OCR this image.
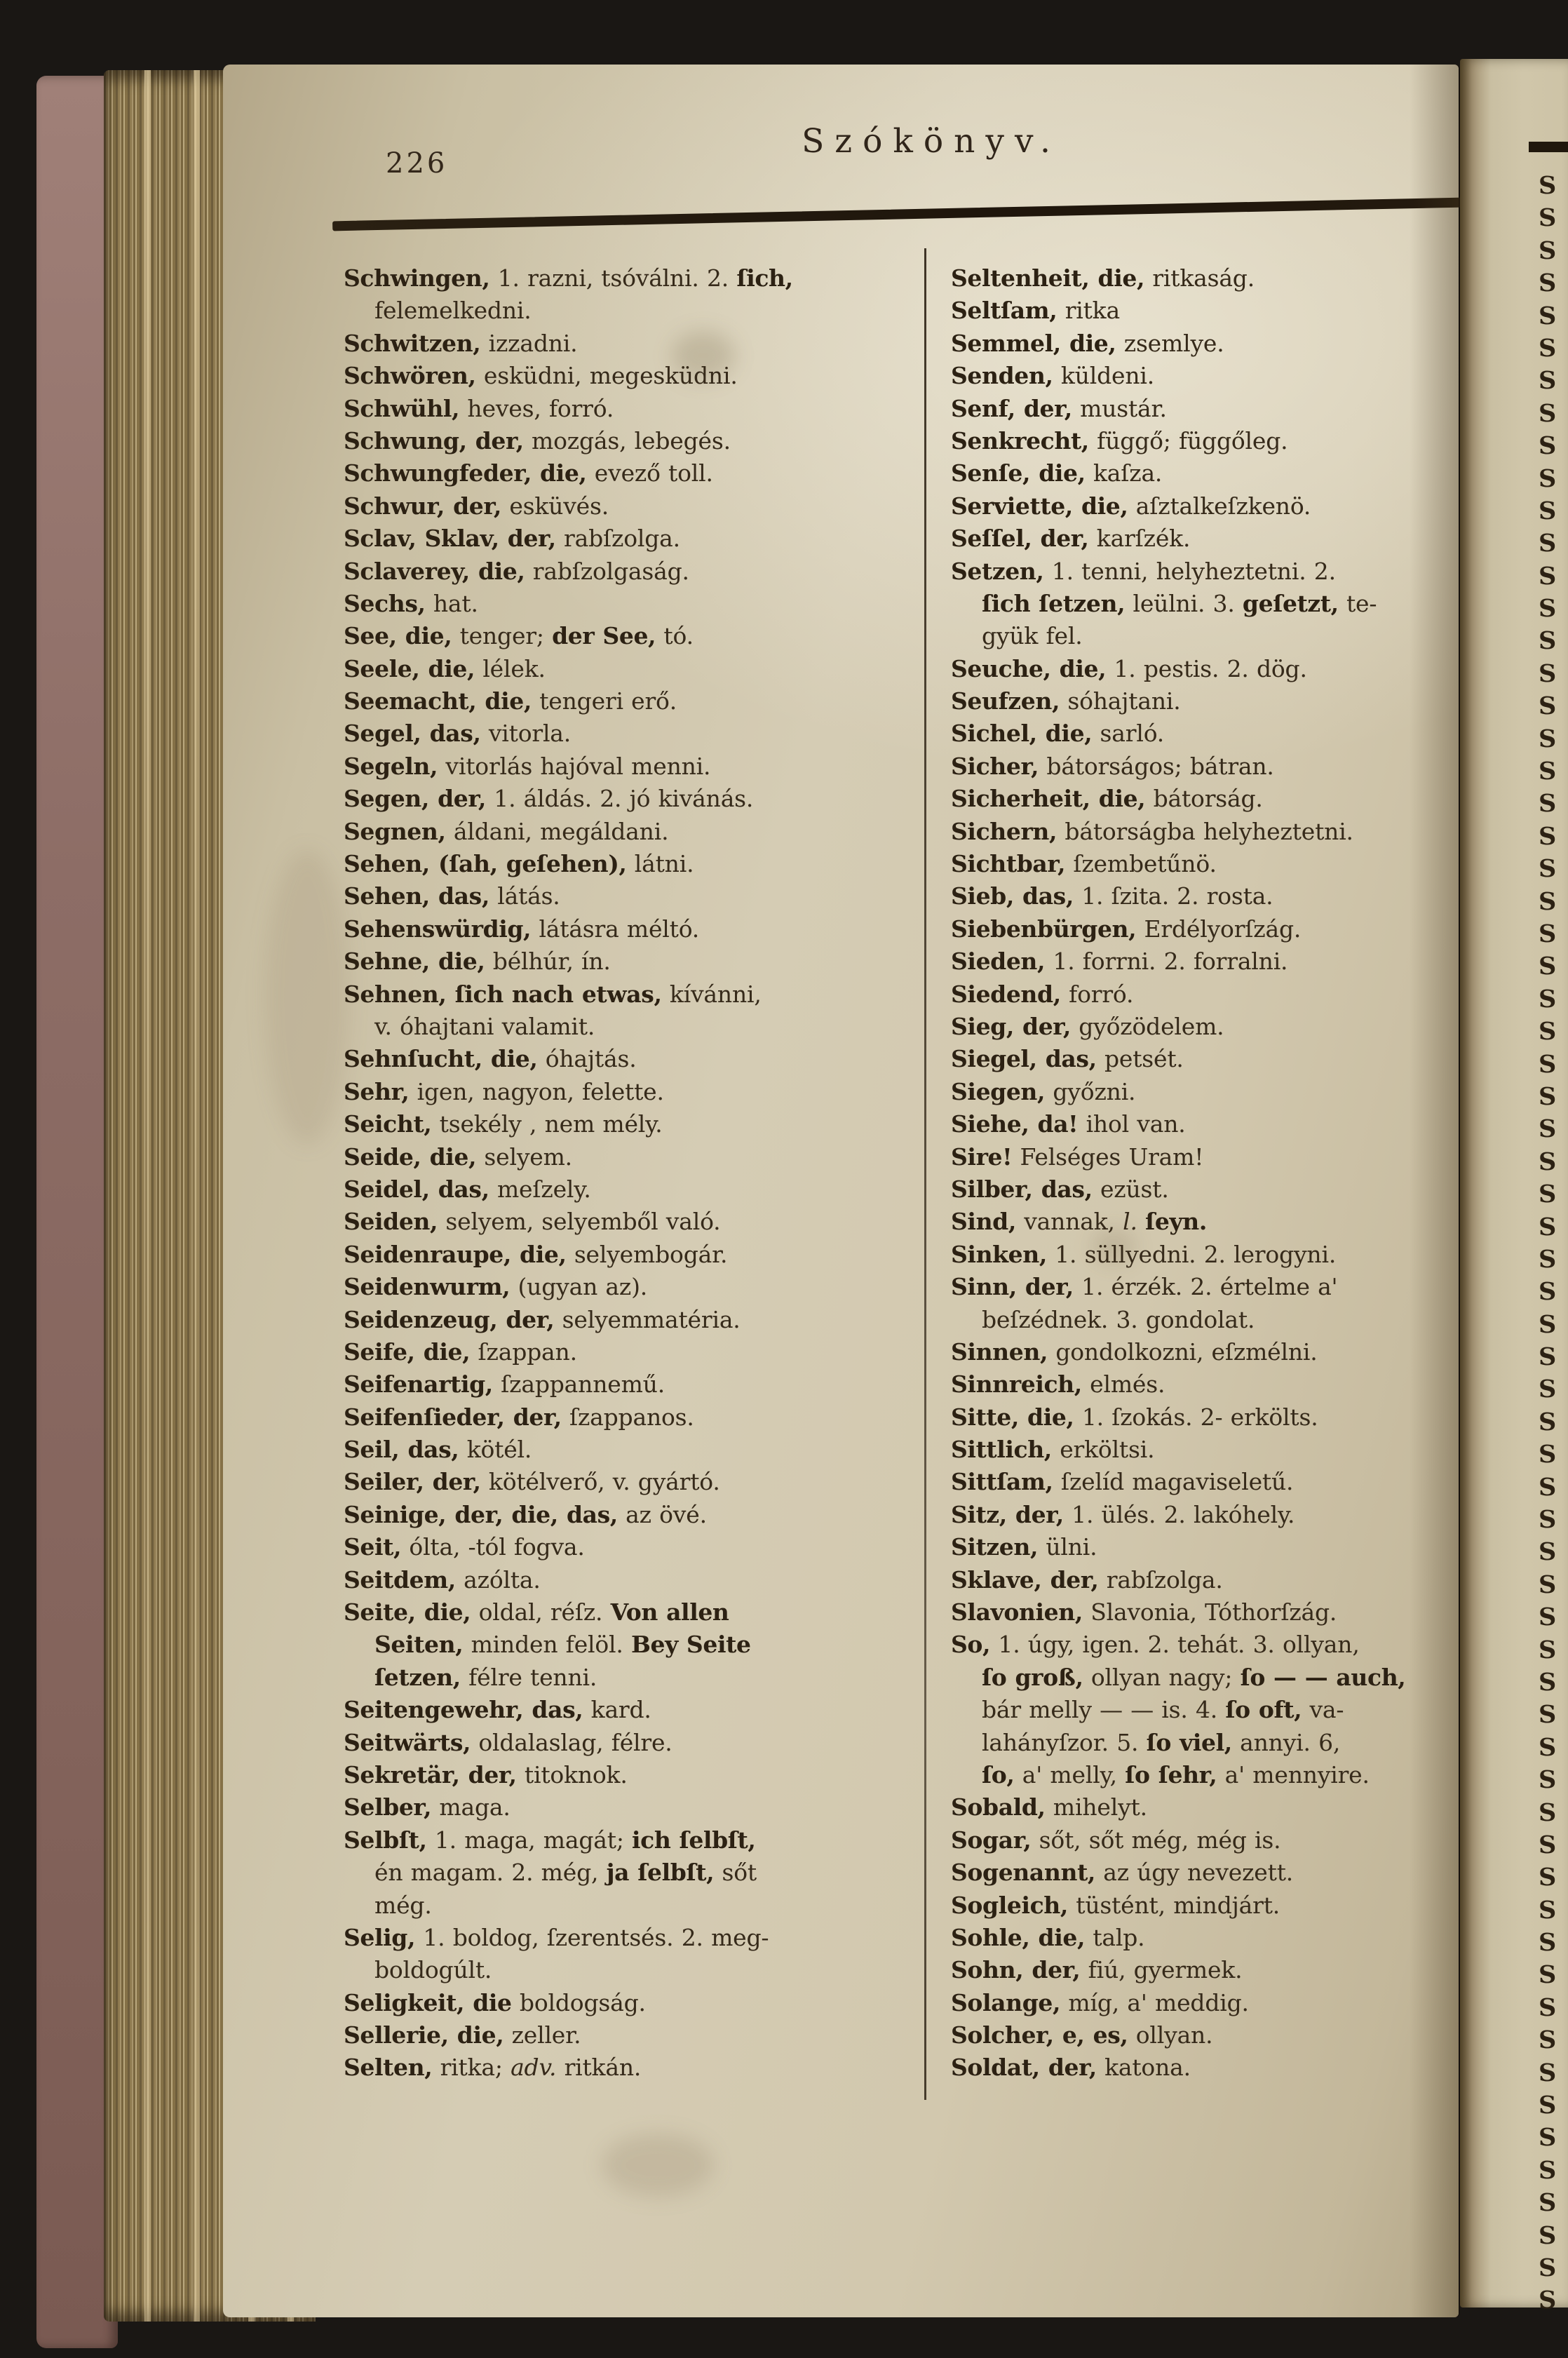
226
Szókönyv.
Schwingen, 1. razni, tsóválni. 2. ſich,
felemelkedni.
Schwitzen, izzadni.
Schwören, esküdni, megesküdni.
Schwühl, heves, forró.
Schwung, der, mozgás, lebegés.
Schwungfeder, die, evező toll.
Schwur, der, esküvés.
Sclav, Sklav, der, rabſzolga.
Sclaverey, die, rabſzolgaság.
Sechs, hat.
See, die, tenger; der See, tó.
Seele, die, lélek.
Seemacht, die, tengeri erő.
Segel, das, vitorla.
Segeln, vitorlás hajóval menni.
Segen, der, 1. áldás. 2. jó kivánás.
Segnen, áldani, megáldani.
Sehen, (ſah, geſehen), látni.
Sehen, das, látás.
Sehenswürdig, látásra méltó.
Sehne, die, bélhúr, ín.
Sehnen, ſich nach etwas, kívánni,
v. óhajtani valamit.
Sehnſucht, die, óhajtás.
Sehr, igen, nagyon, felette.
Seicht, tsekély , nem mély.
Seide, die, selyem.
Seidel, das, meſzely.
Seiden, selyem, selyemből való.
Seidenraupe, die, selyembogár.
Seidenwurm, (ugyan az).
Seidenzeug, der, selyemmatéria.
Seife, die, ſzappan.
Seifenartig, ſzappannemű.
Seifenſieder, der, ſzappanos.
Seil, das, kötél.
Seiler, der, kötélverő, v. gyártó.
Seinige, der, die, das, az övé.
Seit, ólta, -tól fogva.
Seitdem, azólta.
Seite, die, oldal, réſz. Von allen
Seiten, minden felöl. Bey Seite
ſetzen, félre tenni.
Seitengewehr, das, kard.
Seitwärts, oldalaslag, félre.
Sekretär, der, titoknok.
Selber, maga.
Selbſt, 1. maga, magát; ich ſelbſt,
én magam. 2. még, ja ſelbſt, sőt
még.
Selig, 1. boldog, ſzerentsés. 2. meg-
boldogúlt.
Seligkeit, die boldogság.
Sellerie, die, zeller.
Selten, ritka; adv. ritkán.
Seltenheit, die, ritkaság.
Seltſam, ritka
Semmel, die, zsemlye.
Senden, küldeni.
Senf, der, mustár.
Senkrecht, függő; függőleg.
Senſe, die, kaſza.
Serviette, die, aſztalkeſzkenö.
Seſſel, der, karſzék.
Setzen, 1. tenni, helyheztetni. 2.
ſich ſetzen, leülni. 3. geſetzt, te-
gyük fel.
Seuche, die, 1. pestis. 2. dög.
Seufzen, sóhajtani.
Sichel, die, sarló.
Sicher, bátorságos; bátran.
Sicherheit, die, bátorság.
Sichern, bátorságba helyheztetni.
Sichtbar, ſzembetűnö.
Sieb, das, 1. ſzita. 2. rosta.
Siebenbürgen, Erdélyorſzág.
Sieden, 1. forrni. 2. forralni.
Siedend, forró.
Sieg, der, győzödelem.
Siegel, das, petsét.
Siegen, győzni.
Siehe, da! ihol van.
Sire! Felséges Uram!
Silber, das, ezüst.
Sind, vannak, l. ſeyn.
Sinken, 1. süllyedni. 2. lerogyni.
Sinn, der, 1. érzék. 2. értelme a'
beſzédnek. 3. gondolat.
Sinnen, gondolkozni, eſzmélni.
Sinnreich, elmés.
Sitte, die, 1. ſzokás. 2- erkölts.
Sittlich, erköltsi.
Sittſam, ſzelíd magaviseletű.
Sitz, der, 1. ülés. 2. lakóhely.
Sitzen, ülni.
Sklave, der, rabſzolga.
Slavonien, Slavonia, Tóthorſzág.
So, 1. úgy, igen. 2. tehát. 3. ollyan,
ſo groß, ollyan nagy; ſo — — auch,
bár melly — — is. 4. ſo oft, va-
lahányſzor. 5. ſo viel, annyi. 6,
ſo, a' melly, ſo ſehr, a' mennyire.
Sobald, mihelyt.
Sogar, sőt, sőt még, még is.
Sogenannt, az úgy nevezett.
Sogleich, tüstént, mindjárt.
Sohle, die, talp.
Sohn, der, fiú, gyermek.
Solange, míg, a' meddig.
Solcher, e, es, ollyan.
Soldat, der, katona.
S
S
S
S
S
S
S
S
S
S
S
S
S
S
S
S
S
S
S
S
S
S
S
S
S
S
S
S
S
S
S
S
S
S
S
S
S
S
S
S
S
S
S
S
S
S
S
S
S
S
S
S
S
S
S
S
S
S
S
S
S
S
S
S
S
S
